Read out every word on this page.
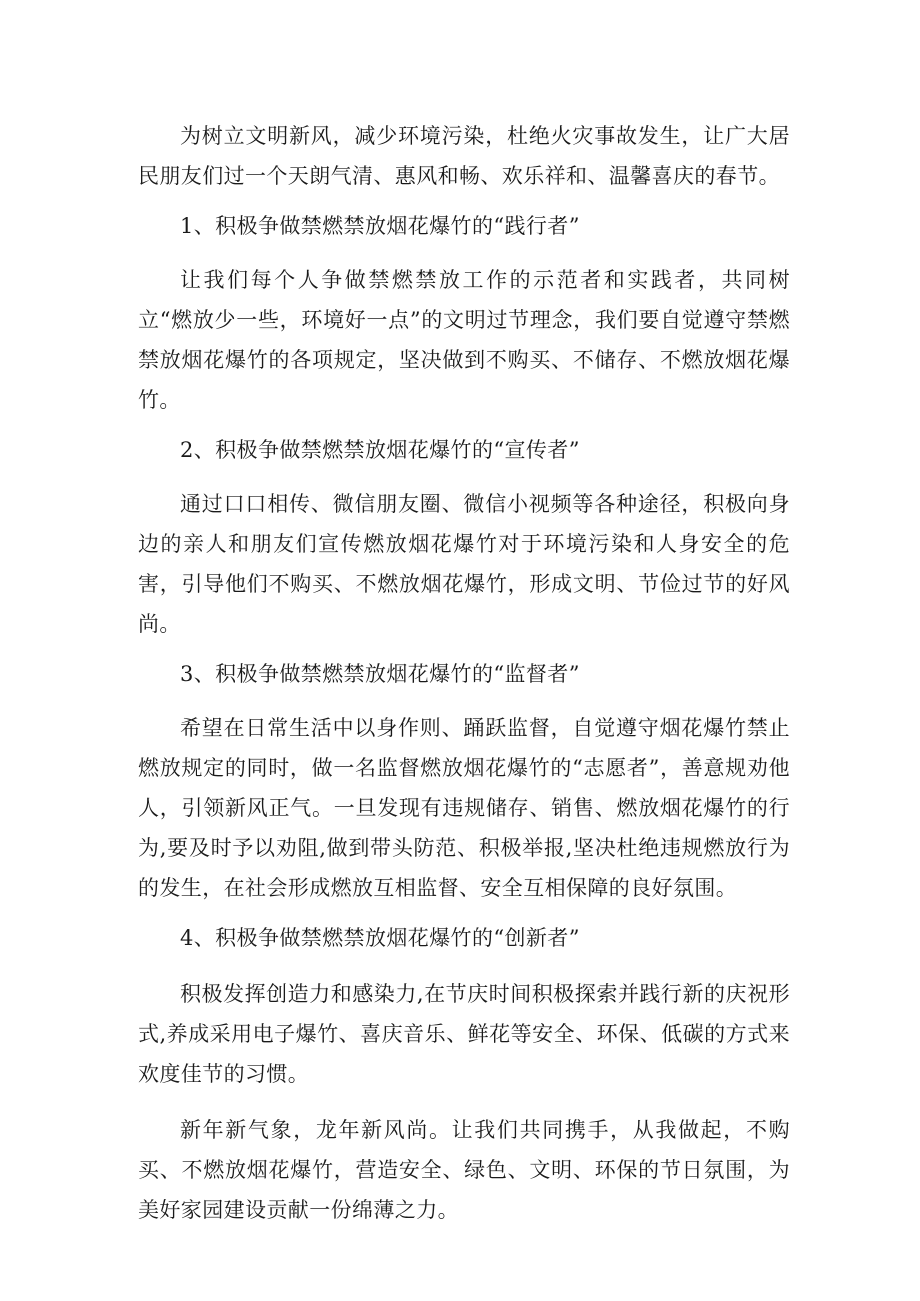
为树立文明新风，减少环境污染，杜绝火灾事故发生，让广大居民朋友们过一个天朗气清、惠风和畅、欢乐祥和、温馨喜庆的春节。

1、积极争做禁燃禁放烟花爆竹的“践行者”

让我们每个人争做禁燃禁放工作的示范者和实践者，共同树立“燃放少一些，环境好一点”的文明过节理念，我们要自觉遵守禁燃禁放烟花爆竹的各项规定，坚决做到不购买、不储存、不燃放烟花爆竹。

2、积极争做禁燃禁放烟花爆竹的“宣传者”

通过口口相传、微信朋友圈、微信小视频等各种途径，积极向身边的亲人和朋友们宣传燃放烟花爆竹对于环境污染和人身安全的危害，引导他们不购买、不燃放烟花爆竹，形成文明、节俭过节的好风尚。

3、积极争做禁燃禁放烟花爆竹的“监督者”

希望在日常生活中以身作则、踊跃监督，自觉遵守烟花爆竹禁止燃放规定的同时，做一名监督燃放烟花爆竹的“志愿者”，善意规劝他人，引领新风正气。一旦发现有违规储存、销售、燃放烟花爆竹的行为,要及时予以劝阻,做到带头防范、积极举报,坚决杜绝违规燃放行为的发生，在社会形成燃放互相监督、安全互相保障的良好氛围。

4、积极争做禁燃禁放烟花爆竹的“创新者”

积极发挥创造力和感染力,在节庆时间积极探索并践行新的庆祝形式,养成采用电子爆竹、喜庆音乐、鲜花等安全、环保、低碳的方式来欢度佳节的习惯。

新年新气象，龙年新风尚。让我们共同携手，从我做起，不购买、不燃放烟花爆竹，营造安全、绿色、文明、环保的节日氛围，为美好家园建设贡献一份绵薄之力。
